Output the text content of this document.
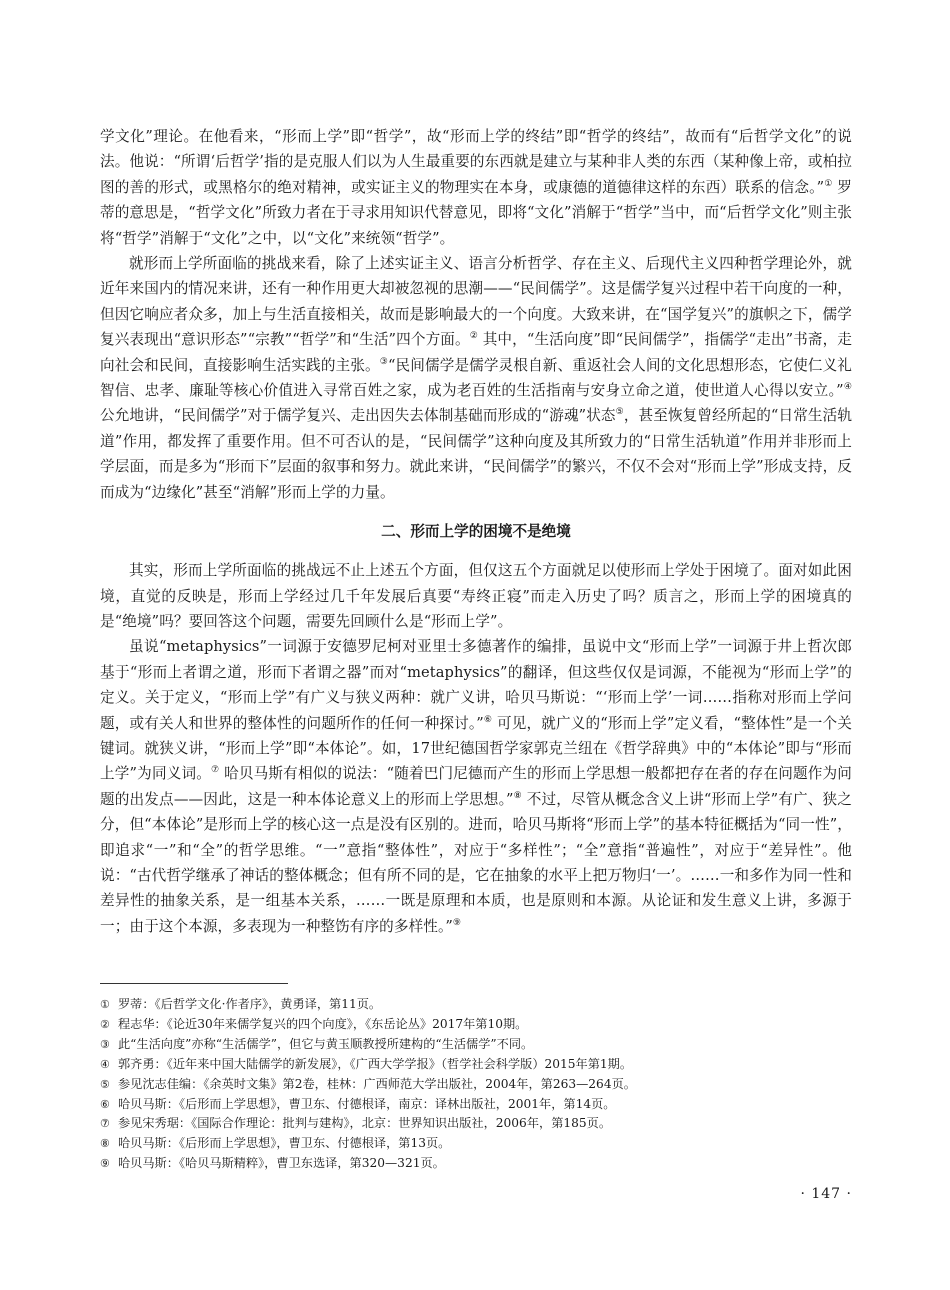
学文化”理论。在他看来，“形而上学”即“哲学”，故“形而上学的终结”即“哲学的终结”，故而有“后哲学文化”的说法。他说：“所谓‘后哲学’指的是克服人们以为人生最重要的东西就是建立与某种非人类的东西（某种像上帝，或柏拉图的善的形式，或黑格尔的绝对精神，或实证主义的物理实在本身，或康德的道德律这样的东西）联系的信念。”① 罗蒂的意思是，“哲学文化”所致力者在于寻求用知识代替意见，即将“文化”消解于“哲学”当中，而“后哲学文化”则主张将“哲学”消解于“文化”之中，以“文化”来统领“哲学”。

就形而上学所面临的挑战来看，除了上述实证主义、语言分析哲学、存在主义、后现代主义四种哲学理论外，就近年来国内的情况来讲，还有一种作用更大却被忽视的思潮——“民间儒学”。这是儒学复兴过程中若干向度的一种，但因它响应者众多，加上与生活直接相关，故而是影响最大的一个向度。大致来讲，在“国学复兴”的旗帜之下，儒学复兴表现出“意识形态”“宗教”“哲学”和“生活”四个方面。② 其中，“生活向度”即“民间儒学”，指儒学“走出”书斋，走向社会和民间，直接影响生活实践的主张。③“民间儒学是儒学灵根自新、重返社会人间的文化思想形态，它使仁义礼智信、忠孝、廉耻等核心价值进入寻常百姓之家，成为老百姓的生活指南与安身立命之道，使世道人心得以安立。”④公允地讲，“民间儒学”对于儒学复兴、走出因失去体制基础而形成的“游魂”状态⑤，甚至恢复曾经所起的“日常生活轨道”作用，都发挥了重要作用。但不可否认的是，“民间儒学”这种向度及其所致力的“日常生活轨道”作用并非形而上学层面，而是多为“形而下”层面的叙事和努力。就此来讲，“民间儒学”的繁兴，不仅不会对“形而上学”形成支持，反而成为“边缘化”甚至“消解”形而上学的力量。

二、形而上学的困境不是绝境

其实，形而上学所面临的挑战远不止上述五个方面，但仅这五个方面就足以使形而上学处于困境了。面对如此困境，直觉的反映是，形而上学经过几千年发展后真要“寿终正寝”而走入历史了吗？质言之，形而上学的困境真的是“绝境”吗？要回答这个问题，需要先回顾什么是“形而上学”。

虽说“metaphysics”一词源于安德罗尼柯对亚里士多德著作的编排，虽说中文“形而上学”一词源于井上哲次郎基于“形而上者谓之道，形而下者谓之器”而对“metaphysics”的翻译，但这些仅仅是词源，不能视为“形而上学”的定义。关于定义，“形而上学”有广义与狭义两种：就广义讲，哈贝马斯说：“‘形而上学’一词……指称对形而上学问题，或有关人和世界的整体性的问题所作的任何一种探讨。”⑥ 可见，就广义的“形而上学”定义看，“整体性”是一个关键词。就狭义讲，“形而上学”即“本体论”。如，17世纪德国哲学家郭克兰纽在《哲学辞典》中的“本体论”即与“形而上学”为同义词。⑦ 哈贝马斯有相似的说法：“随着巴门尼德而产生的形而上学思想一般都把存在者的存在问题作为问题的出发点——因此，这是一种本体论意义上的形而上学思想。”⑧ 不过，尽管从概念含义上讲“形而上学”有广、狭之分，但“本体论”是形而上学的核心这一点是没有区别的。进而，哈贝马斯将“形而上学”的基本特征概括为“同一性”，即追求“一”和“全”的哲学思维。“一”意指“整体性”，对应于“多样性”；“全”意指“普遍性”，对应于“差异性”。他说：“古代哲学继承了神话的整体概念；但有所不同的是，它在抽象的水平上把万物归‘一’。……一和多作为同一性和差异性的抽象关系，是一组基本关系，……一既是原理和本质，也是原则和本源。从论证和发生意义上讲，多源于一；由于这个本源，多表现为一种整饬有序的多样性。”⑨

① 罗蒂：《后哲学文化·作者序》，黄勇译，第11页。
② 程志华：《论近30年来儒学复兴的四个向度》，《东岳论丛》2017年第10期。
③ 此“生活向度”亦称“生活儒学”，但它与黄玉顺教授所建构的“生活儒学”不同。
④ 郭齐勇：《近年来中国大陆儒学的新发展》，《广西大学学报》（哲学社会科学版）2015年第1期。
⑤ 参见沈志佳编：《余英时文集》第2卷，桂林：广西师范大学出版社，2004年，第263—264页。
⑥ 哈贝马斯：《后形而上学思想》，曹卫东、付德根译，南京：译林出版社，2001年，第14页。
⑦ 参见宋秀琚：《国际合作理论：批判与建构》，北京：世界知识出版社，2006年，第185页。
⑧ 哈贝马斯：《后形而上学思想》，曹卫东、付德根译，第13页。
⑨ 哈贝马斯：《哈贝马斯精粹》，曹卫东选译，第320—321页。
· 147 ·
